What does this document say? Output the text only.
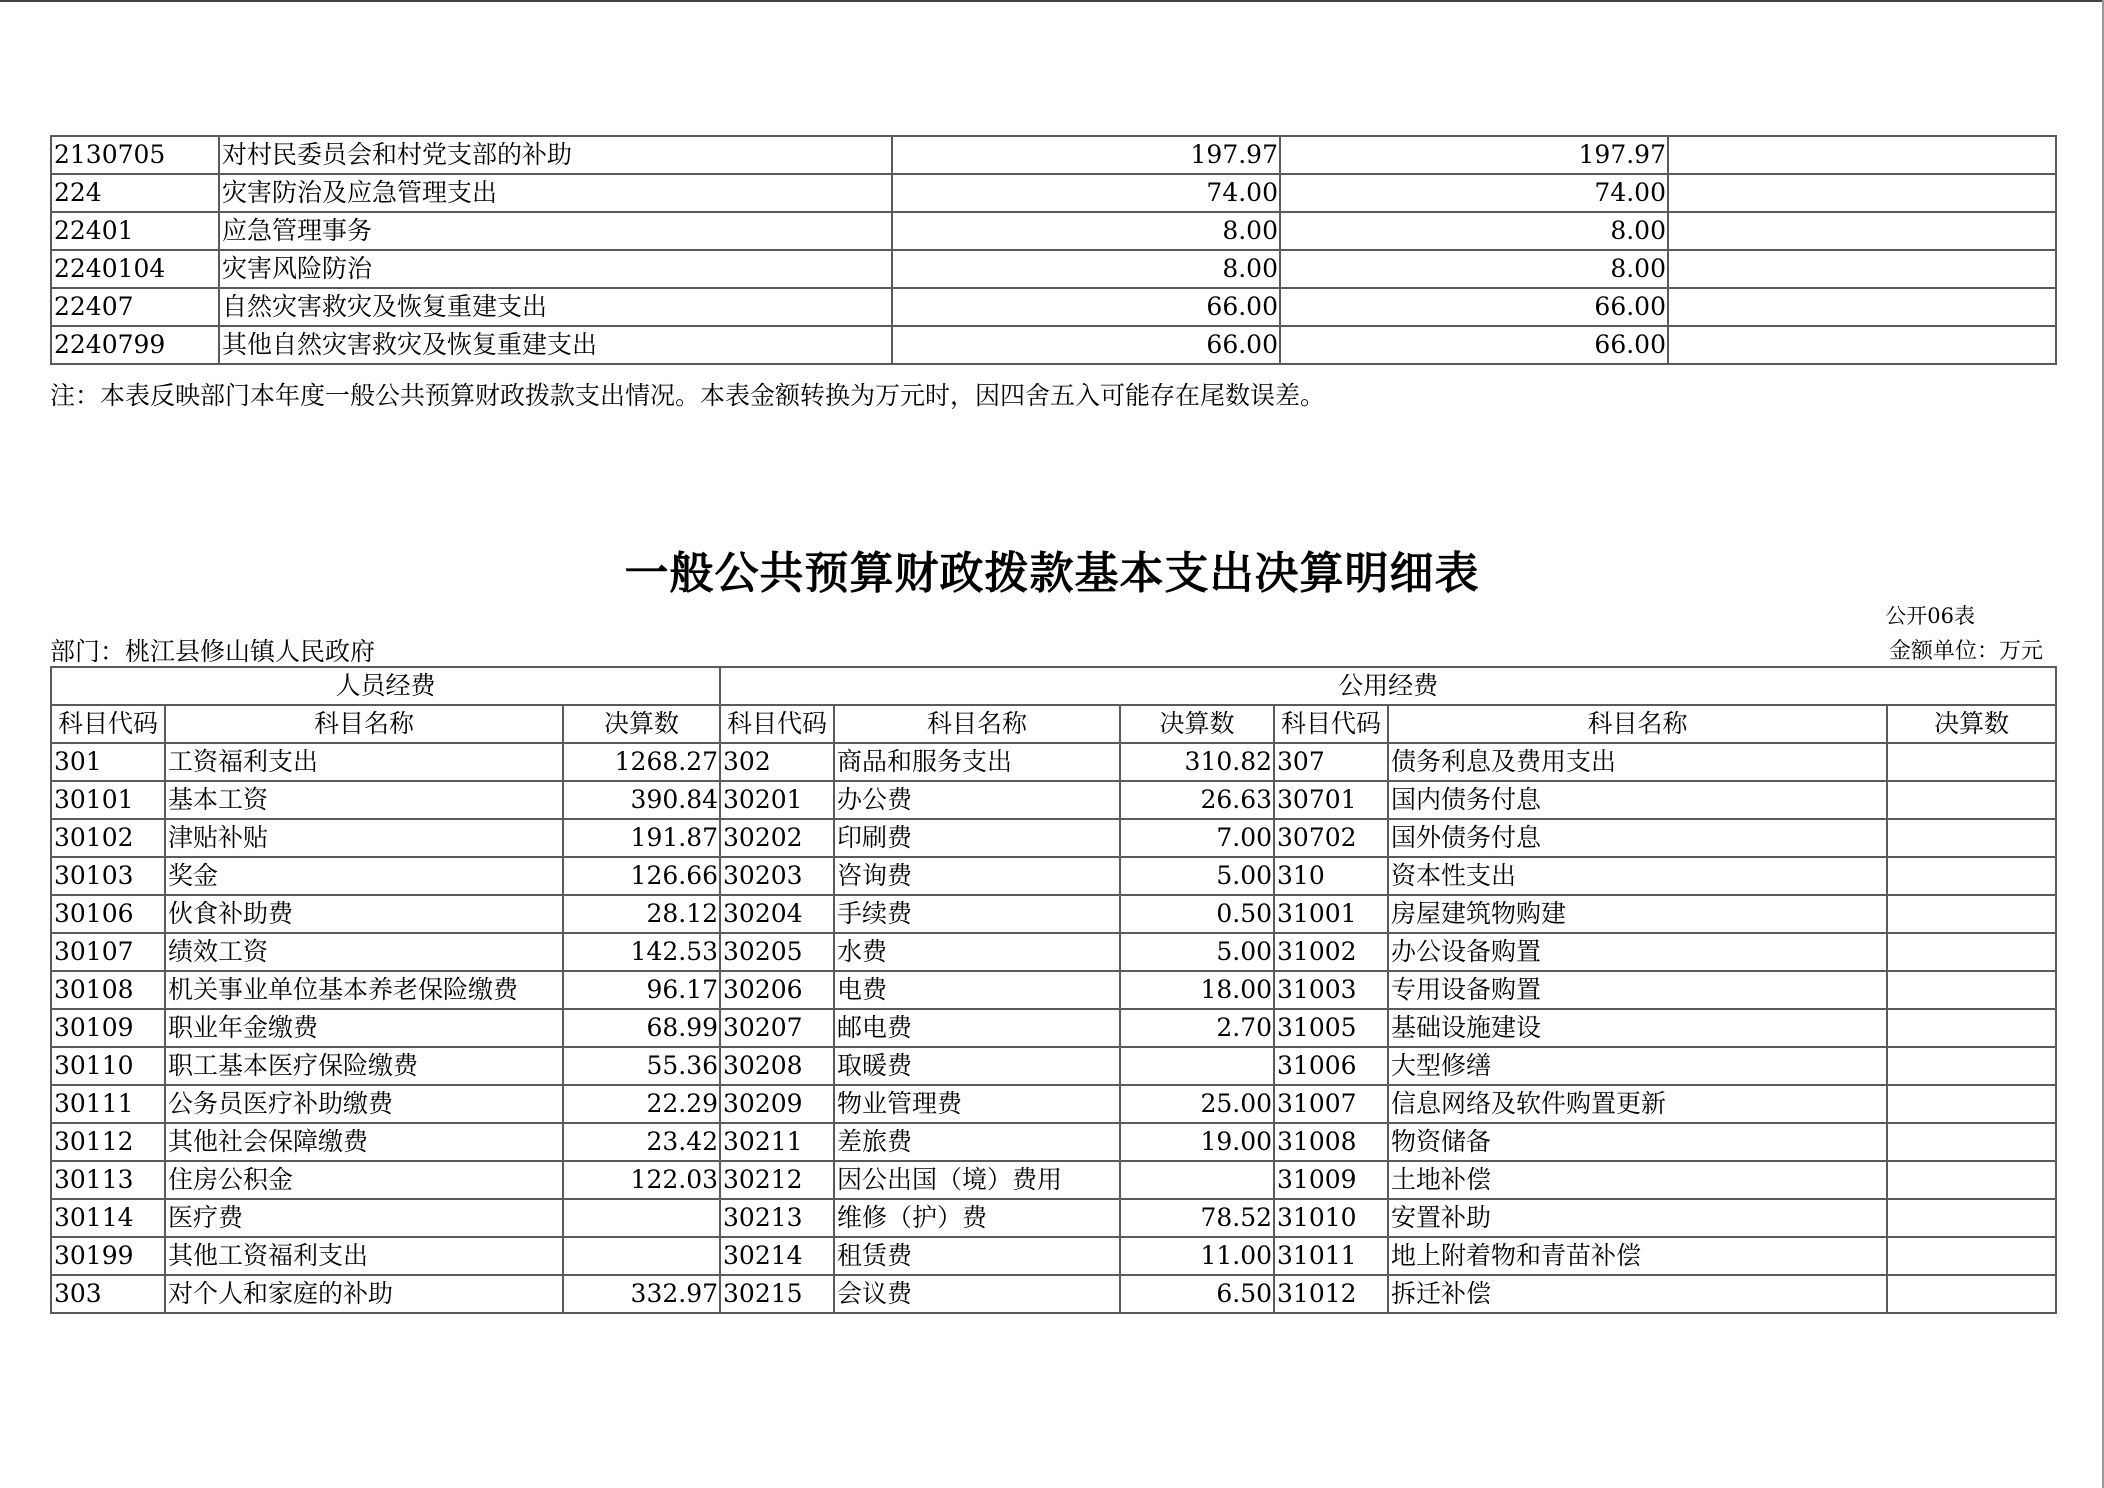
2130705	对村民委员会和村党支部的补助	197.97	197.97	
224	灾害防治及应急管理支出	74.00	74.00	
22401	应急管理事务	8.00	8.00	
2240104	灾害风险防治	8.00	8.00	
22407	自然灾害救灾及恢复重建支出	66.00	66.00	
2240799	其他自然灾害救灾及恢复重建支出	66.00	66.00	
注：本表反映部门本年度一般公共预算财政拨款支出情况。本表金额转换为万元时，因四舍五入可能存在尾数误差。
一般公共预算财政拨款基本支出决算明细表
公开06表
部门：桃江县修山镇人民政府	金额单位：万元
人员经费			公用经费					
科目代码	科目名称	决算数	科目代码	科目名称	决算数	科目代码	科目名称	决算数
301	工资福利支出	1268.27	302	商品和服务支出	310.82	307	债务利息及费用支出	
30101	基本工资	390.84	30201	办公费	26.63	30701	国内债务付息	
30102	津贴补贴	191.87	30202	印刷费	7.00	30702	国外债务付息	
30103	奖金	126.66	30203	咨询费	5.00	310	资本性支出	
30106	伙食补助费	28.12	30204	手续费	0.50	31001	房屋建筑物购建	
30107	绩效工资	142.53	30205	水费	5.00	31002	办公设备购置	
30108	机关事业单位基本养老保险缴费	96.17	30206	电费	18.00	31003	专用设备购置	
30109	职业年金缴费	68.99	30207	邮电费	2.70	31005	基础设施建设	
30110	职工基本医疗保险缴费	55.36	30208	取暖费		31006	大型修缮	
30111	公务员医疗补助缴费	22.29	30209	物业管理费	25.00	31007	信息网络及软件购置更新	
30112	其他社会保障缴费	23.42	30211	差旅费	19.00	31008	物资储备	
30113	住房公积金	122.03	30212	因公出国（境）费用		31009	土地补偿	
30114	医疗费		30213	维修（护）费	78.52	31010	安置补助	
30199	其他工资福利支出		30214	租赁费	11.00	31011	地上附着物和青苗补偿	
303	对个人和家庭的补助	332.97	30215	会议费	6.50	31012	拆迁补偿	
